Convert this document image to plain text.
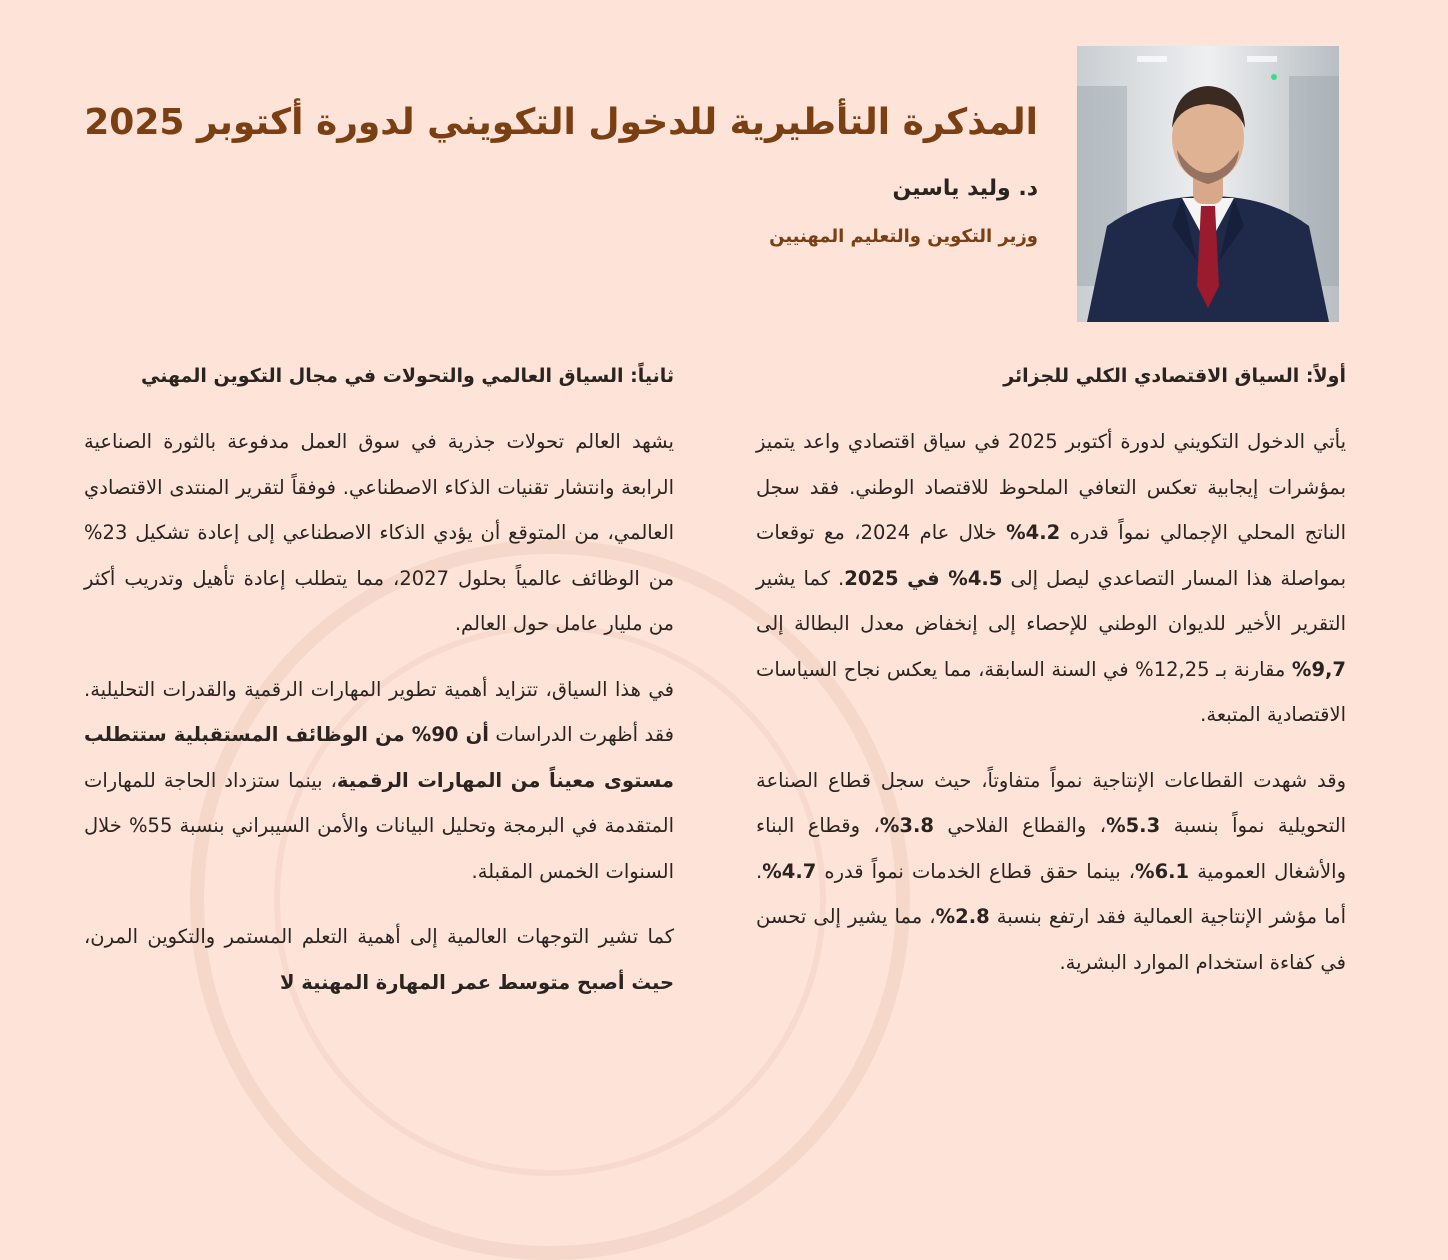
المذكرة التأطيرية للدخول التكويني لدورة أكتوبر 2025
د. وليد ياسين
وزير التكوين والتعليم المهنيين
أولاً: السياق الاقتصادي الكلي للجزائر

يأتي الدخول التكويني لدورة أكتوبر 2025 في سياق اقتصادي واعد يتميز بمؤشرات إيجابية تعكس التعافي الملحوظ للاقتصاد الوطني. فقد سجل الناتج المحلي الإجمالي نمواً قدره 4.2% خلال عام 2024، مع توقعات بمواصلة هذا المسار التصاعدي ليصل إلى 4.5% في 2025. كما يشير التقرير الأخير للديوان الوطني للإحصاء إلى إنخفاض معدل البطالة إلى 9,7% مقارنة بـ 12,25% في السنة السابقة، مما يعكس نجاح السياسات الاقتصادية المتبعة.

وقد شهدت القطاعات الإنتاجية نمواً متفاوتاً، حيث سجل قطاع الصناعة التحويلية نمواً بنسبة 5.3%، والقطاع الفلاحي 3.8%، وقطاع البناء والأشغال العمومية 6.1%، بينما حقق قطاع الخدمات نمواً قدره 4.7%. أما مؤشر الإنتاجية العمالية فقد ارتفع بنسبة 2.8%، مما يشير إلى تحسن في كفاءة استخدام الموارد البشرية.

ثانياً: السياق العالمي والتحولات في مجال التكوين المهني

يشهد العالم تحولات جذرية في سوق العمل مدفوعة بالثورة الصناعية الرابعة وانتشار تقنيات الذكاء الاصطناعي. فوفقاً لتقرير المنتدى الاقتصادي العالمي، من المتوقع أن يؤدي الذكاء الاصطناعي إلى إعادة تشكيل 23% من الوظائف عالمياً بحلول 2027، مما يتطلب إعادة تأهيل وتدريب أكثر من مليار عامل حول العالم.

في هذا السياق، تتزايد أهمية تطوير المهارات الرقمية والقدرات التحليلية. فقد أظهرت الدراسات أن 90% من الوظائف المستقبلية ستتطلب مستوى معيناً من المهارات الرقمية، بينما ستزداد الحاجة للمهارات المتقدمة في البرمجة وتحليل البيانات والأمن السيبراني بنسبة 55% خلال السنوات الخمس المقبلة.

كما تشير التوجهات العالمية إلى أهمية التعلم المستمر والتكوين المرن، حيث أصبح متوسط عمر المهارة المهنية لا
